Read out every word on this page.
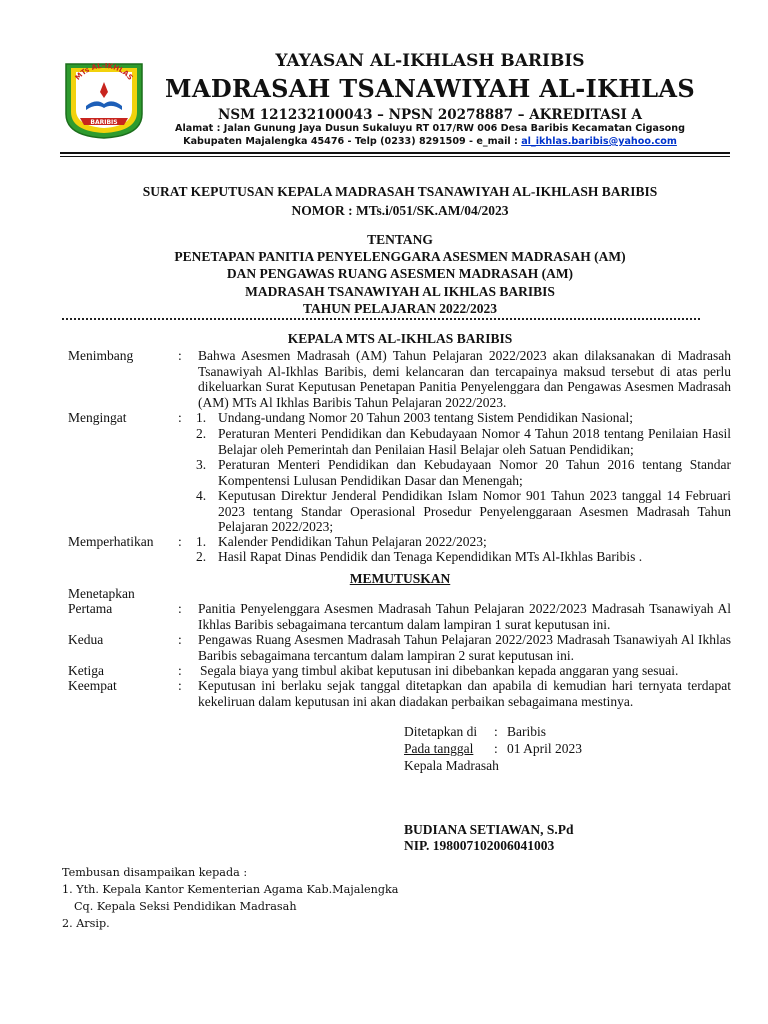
MTs AL-IKHLAS
BARIBIS
YAYASAN AL-IKHLASH BARIBIS
MADRASAH TSANAWIYAH AL-IKHLAS
NSM 121232100043 – NPSN 20278887 – AKREDITASI A
Alamat : Jalan Gunung Jaya Dusun Sukaluyu RT 017/RW 006 Desa Baribis Kecamatan Cigasong
Kabupaten Majalengka 45476 - Telp (0233) 8291509 - e_mail : al_ikhlas.baribis@yahoo.com
SURAT KEPUTUSAN KEPALA MADRASAH TSANAWIYAH AL-IKHLASH BARIBIS
NOMOR : MTs.i/051/SK.AM/04/2023
TENTANG
PENETAPAN PANITIA PENYELENGGARA ASESMEN MADRASAH (AM)
DAN PENGAWAS RUANG ASESMEN MADRASAH (AM)
MADRASAH TSANAWIYAH AL IKHLAS BARIBIS
TAHUN PELAJARAN 2022/2023
KEPALA MTS AL-IKHLAS BARIBIS
Menimbang	: Bahwa Asesmen Madrasah (AM) Tahun Pelajaran 2022/2023 akan dilaksanakan di Madrasah Tsanawiyah Al-Ikhlas Baribis, demi kelancaran dan tercapainya maksud tersebut di atas perlu dikeluarkan Surat Keputusan Penetapan Panitia Penyelenggara dan Pengawas Asesmen Madrasah (AM) MTs Al Ikhlas Baribis Tahun Pelajaran 2022/2023.
Mengingat	: 1. Undang-undang Nomor 20 Tahun 2003 tentang Sistem Pendidikan Nasional;
2. Peraturan Menteri Pendidikan dan Kebudayaan Nomor 4 Tahun 2018 tentang Penilaian Hasil Belajar oleh Pemerintah dan Penilaian Hasil Belajar oleh Satuan Pendidikan;
3. Peraturan Menteri Pendidikan dan Kebudayaan Nomor 20 Tahun 2016 tentang Standar Kompentensi Lulusan Pendidikan Dasar dan Menengah;
4. Keputusan Direktur Jenderal Pendidikan Islam Nomor 901 Tahun 2023 tanggal 14 Februari 2023 tentang Standar Operasional Prosedur Penyelenggaraan Asesmen Madrasah Tahun Pelajaran 2022/2023;
Memperhatikan : 1. Kalender Pendidikan Tahun Pelajaran 2022/2023;
2. Hasil Rapat Dinas Pendidik dan Tenaga Kependidikan MTs Al-Ikhlas Baribis .
MEMUTUSKAN
Menetapkan
Pertama	: Panitia Penyelenggara Asesmen Madrasah Tahun Pelajaran 2022/2023 Madrasah Tsanawiyah Al Ikhlas Baribis sebagaimana tercantum dalam lampiran 1 surat keputusan ini.
Kedua	: Pengawas Ruang Asesmen Madrasah Tahun Pelajaran 2022/2023 Madrasah Tsanawiyah Al Ikhlas Baribis sebagaimana tercantum dalam lampiran 2 surat keputusan ini.
Ketiga	: Segala biaya yang timbul akibat keputusan ini dibebankan kepada anggaran yang sesuai.
Keempat	: Keputusan ini berlaku sejak tanggal ditetapkan dan apabila di kemudian hari ternyata terdapat kekeliruan dalam keputusan ini akan diadakan perbaikan sebagaimana mestinya.
Ditetapkan di : Baribis
Pada tanggal : 01 April 2023
Kepala Madrasah
BUDIANA SETIAWAN, S.Pd
NIP. 198007102006041003
Tembusan disampaikan kepada :
1. Yth. Kepala Kantor Kementerian Agama Kab.Majalengka
Cq. Kepala Seksi Pendidikan Madrasah
2. Arsip.
